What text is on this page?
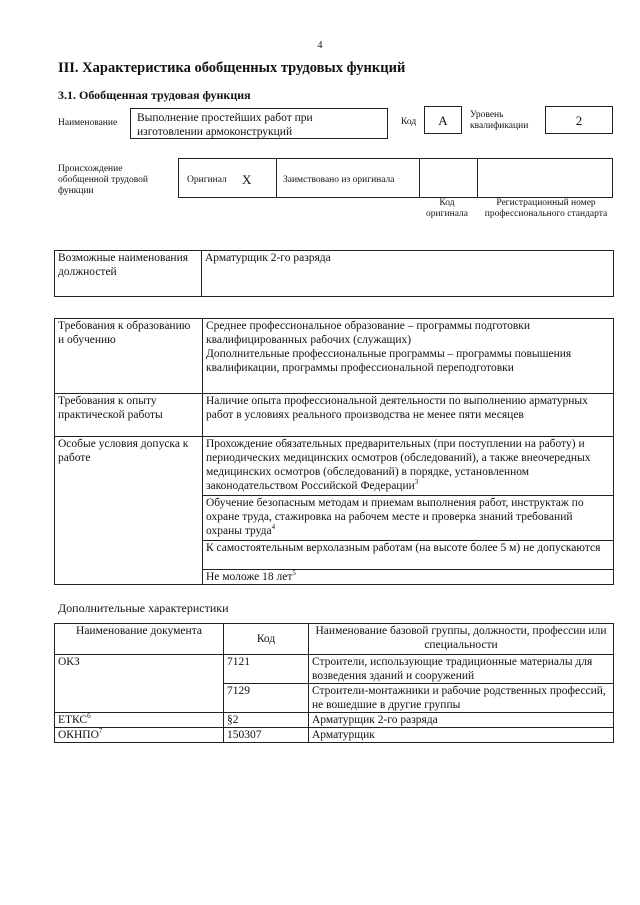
4
III. Характеристика обобщенных трудовых функций
3.1. Обобщенная трудовая функция
Наименование	Выполнение простейших работ при изготовлении армоконструкций
Код	А	Уровень квалификации	2
Происхождение обобщенной трудовой функции
Оригинал X	Заимствовано из оригинала
Код оригинала
Регистрационный номер профессионального стандарта
Возможные наименования должностей	Арматурщик 2-го разряда
Требования к образованию и обучению	Среднее профессиональное образование – программы подготовки квалифицированных рабочих (служащих)
Дополнительные профессиональные программы – программы повышения квалификации, программы профессиональной переподготовки

Требования к опыту практической работы	Наличие опыта профессиональной деятельности по выполнению арматурных работ в условиях реального производства не менее пяти месяцев
Особые условия допуска к работе	Прохождение обязательных предварительных (при поступлении на работу) и периодических медицинских осмотров (обследований), а также внеочередных медицинских осмотров (обследований) в порядке, установленном законодательством Российской Федерации$^3$
	Обучение безопасным методам и приемам выполнения работ, инструктаж по охране труда, стажировка на рабочем месте и проверка знаний требований охраны труда$^4$
	К самостоятельным верхолазным работам (на высоте более 5 м) не допускаются
	Не моложе 18 лет$^5$
Дополнительные характеристики
Наименование документа	Код	Наименование базовой группы, должности, профессии или специальности
ОКЗ	7121	Строители, использующие традиционные материалы для возведения зданий и сооружений
	7129	Строители-монтажники и рабочие родственных профессий, не вошедшие в другие группы
ЕТКС$^6$	§2	Арматурщик 2-го разряда
ОКНПО$^7$	150307	Арматурщик
